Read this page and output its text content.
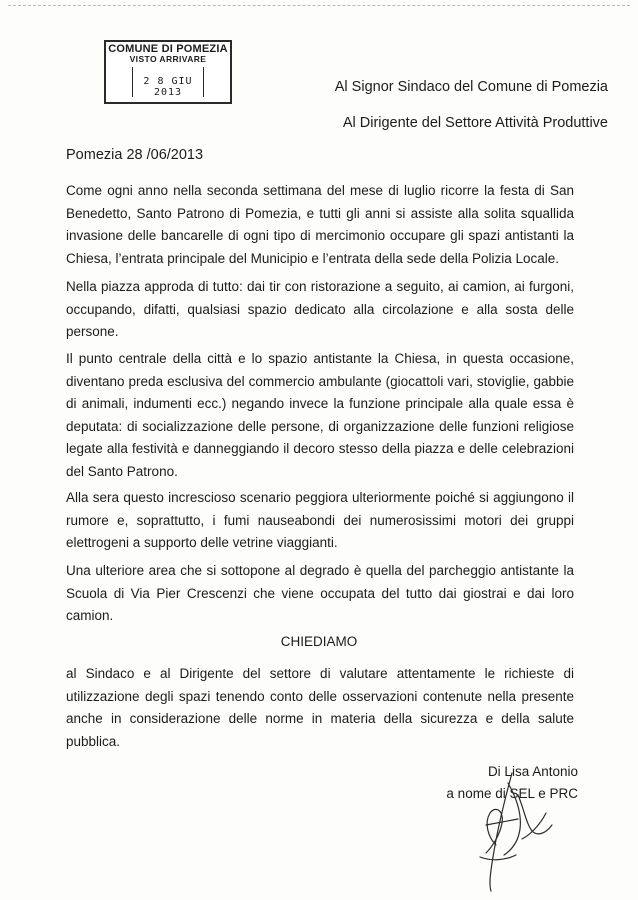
COMUNE DI POMEZIA
VISTO ARRIVARE
2 8 GIU 2013	Al Signor Sindaco del Comune di Pomezia
Al Dirigente del Settore Attività Produttive
Pomezia 28 /06/2013
Come ogni anno nella seconda settimana del mese di luglio ricorre la festa di San Benedetto, Santo Patrono di Pomezia, e tutti gli anni si assiste alla solita squallida invasione delle bancarelle di ogni tipo di mercimonio occupare gli spazi antistanti la Chiesa, l’entrata principale del Municipio e l’entrata della sede della Polizia Locale.
Nella piazza approda di tutto: dai tir con ristorazione a seguito, ai camion, ai furgoni, occupando, difatti, qualsiasi spazio dedicato alla circolazione e alla sosta delle persone.
Il punto centrale della città e lo spazio antistante la Chiesa, in questa occasione, diventano preda esclusiva del commercio ambulante (giocattoli vari, stoviglie, gabbie di animali, indumenti ecc.) negando invece la funzione principale alla quale essa è deputata: di socializzazione delle persone, di organizzazione delle funzioni religiose legate alla festività e danneggiando il decoro stesso della piazza e delle celebrazioni del Santo Patrono.
Alla sera questo increscioso scenario peggiora ulteriormente poiché si aggiungono il rumore e, soprattutto, i fumi nauseabondi dei numerosissimi motori dei gruppi elettrogeni a supporto delle vetrine viaggianti.
Una ulteriore area che si sottopone al degrado è quella del parcheggio antistante la Scuola di Via Pier Crescenzi che viene occupata del tutto dai giostrai e dai loro camion.
CHIEDIAMO
al Sindaco e al Dirigente del settore di valutare attentamente le richieste di utilizzazione degli spazi tenendo conto delle osservazioni contenute nella presente anche in considerazione delle norme in materia della sicurezza e della salute pubblica.
Di Lisa Antonio
a nome di SEL e PRC
